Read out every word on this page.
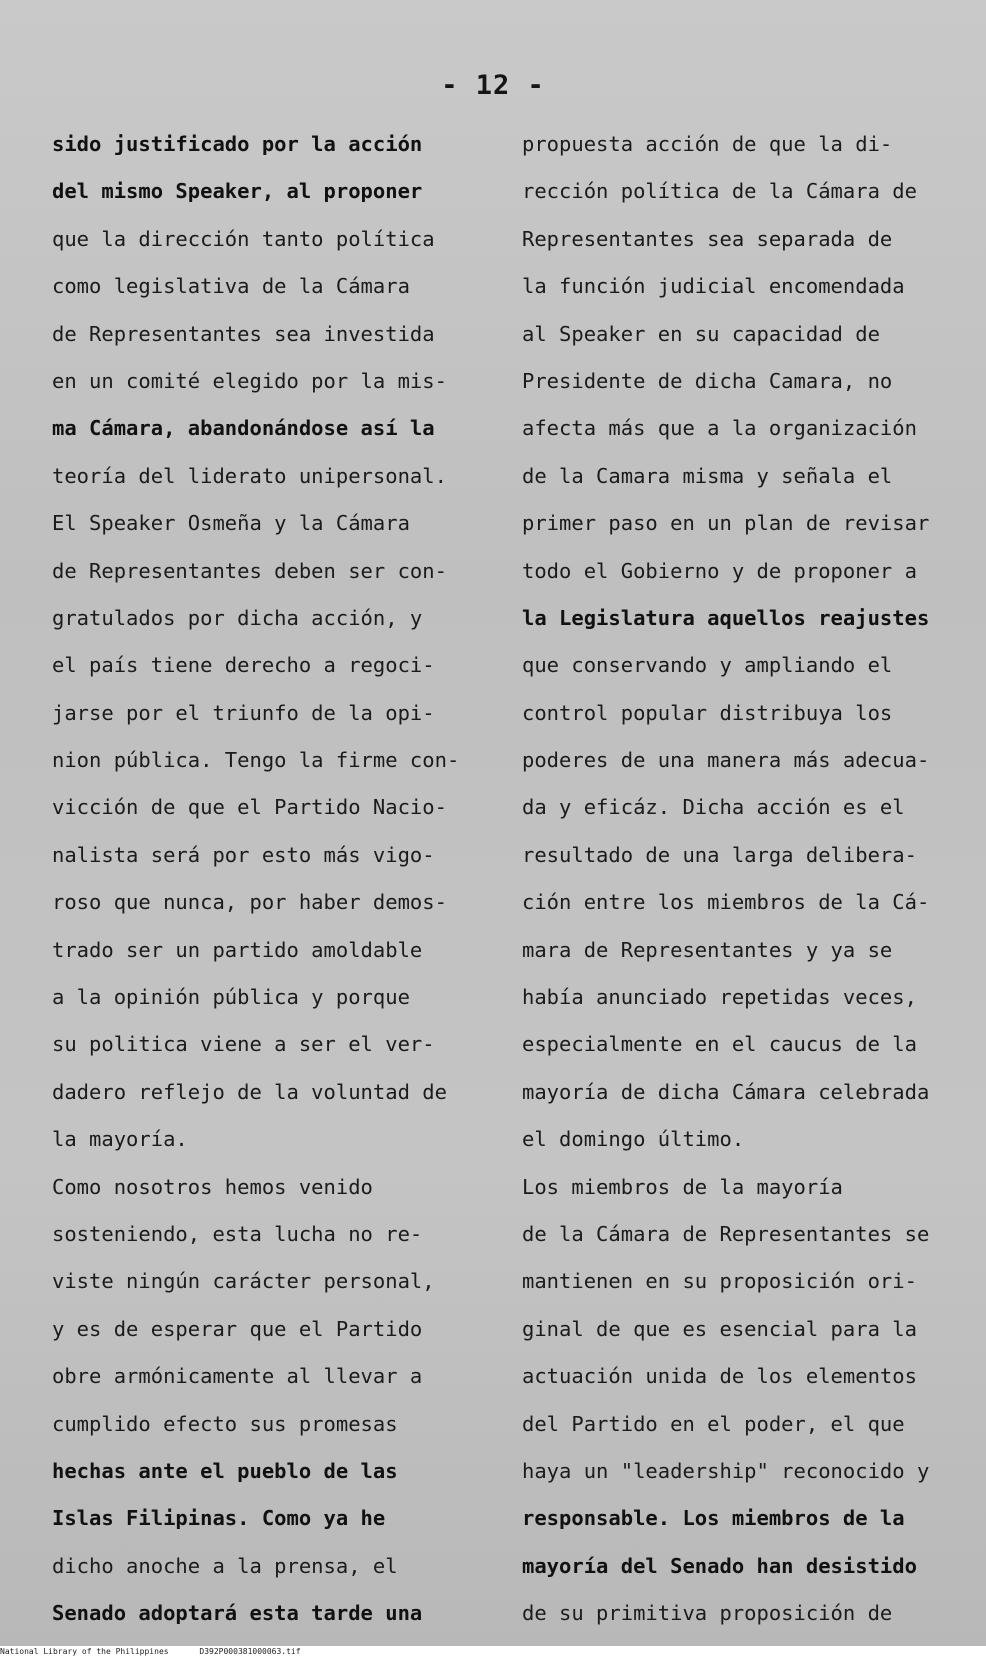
- 12 -
sido justificado por la acción
del mismo Speaker, al proponer
que la dirección tanto política
como legislativa de la Cámara
de Representantes sea investida
en un comité elegido por la mis-
ma Cámara, abandonándose así la
teoría del liderato unipersonal.
El Speaker Osmeña y la Cámara
de Representantes deben ser con-
gratulados por dicha acción, y
el país tiene derecho a regoci-
jarse por el triunfo de la opi-
nion pública. Tengo la firme con-
vicción de que el Partido Nacio-
nalista será por esto más vigo-
roso que nunca, por haber demos-
trado ser un partido amoldable
a la opinión pública y porque
su politica viene a ser el ver-
dadero reflejo de la voluntad de
la mayoría.
Como nosotros hemos venido
sosteniendo, esta lucha no re-
viste ningún carácter personal,
y es de esperar que el Partido
obre armónicamente al llevar a
cumplido efecto sus promesas
hechas ante el pueblo de las
Islas Filipinas. Como ya he
dicho anoche a la prensa, el
Senado adoptará esta tarde una
propuesta acción de que la di-
rección política de la Cámara de
Representantes sea separada de
la función judicial encomendada
al Speaker en su capacidad de
Presidente de dicha Camara, no
afecta más que a la organización
de la Camara misma y señala el
primer paso en un plan de revisar
todo el Gobierno y de proponer a
la Legislatura aquellos reajustes
que conservando y ampliando el
control popular distribuya los
poderes de una manera más adecua-
da y eficáz. Dicha acción es el
resultado de una larga delibera-
ción entre los miembros de la Cá-
mara de Representantes y ya se
había anunciado repetidas veces,
especialmente en el caucus de la
mayoría de dicha Cámara celebrada
el domingo último.
Los miembros de la mayoría
de la Cámara de Representantes se
mantienen en su proposición ori-
ginal de que es esencial para la
actuación unida de los elementos
del Partido en el poder, el que
haya un "leadership" reconocido y
responsable. Los miembros de la
mayoría del Senado han desistido
de su primitiva proposición de
National Library of the Philippines	D392P000381000063.tif
